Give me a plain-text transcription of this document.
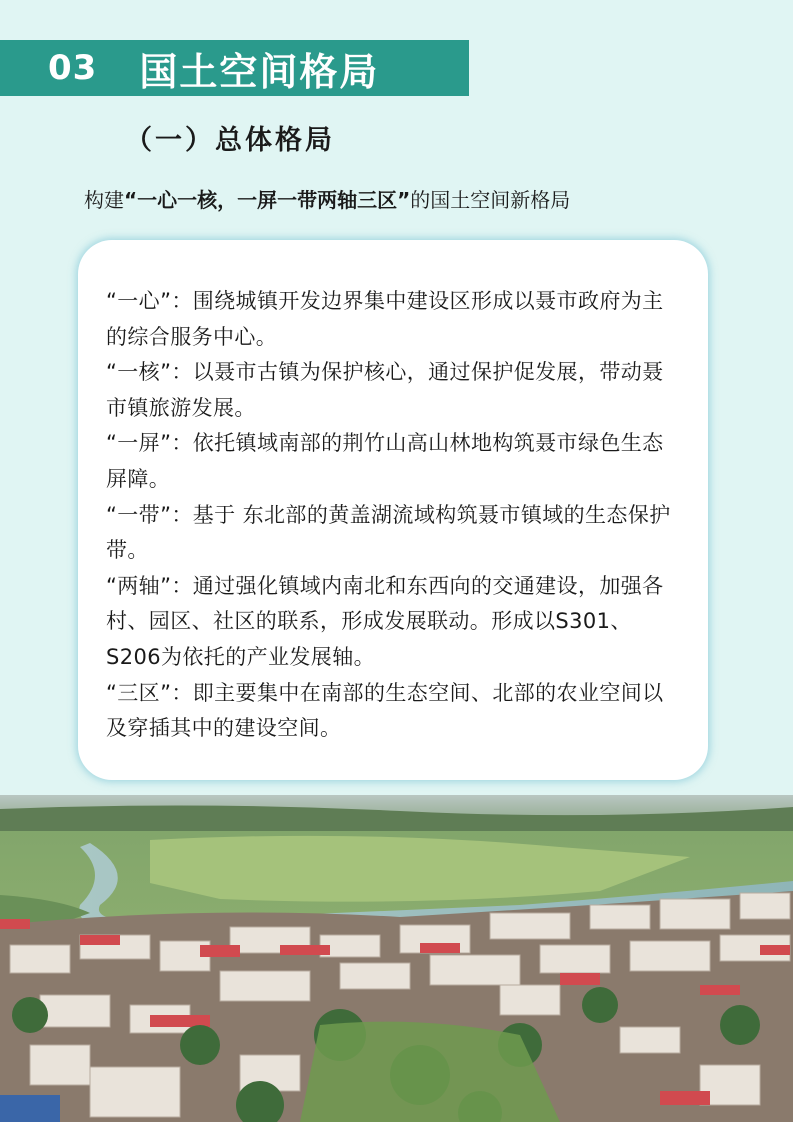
03 国土空间格局
（一）总体格局
构建“一心一核，一屏一带两轴三区”的国土空间新格局

“一心”：围绕城镇开发边界集中建设区形成以聂市政府为主的综合服务中心。

“一核”：以聂市古镇为保护核心，通过保护促发展，带动聂市镇旅游发展。

“一屏”：依托镇域南部的荆竹山高山林地构筑聂市绿色生态屏障。

“一带”：基于 东北部的黄盖湖流域构筑聂市镇域的生态保护带。

“两轴”：通过强化镇域内南北和东西向的交通建设，加强各村、园区、社区的联系，形成发展联动。形成以S301、S206为依托的产业发展轴。

“三区”：即主要集中在南部的生态空间、北部的农业空间以及穿插其中的建设空间。
